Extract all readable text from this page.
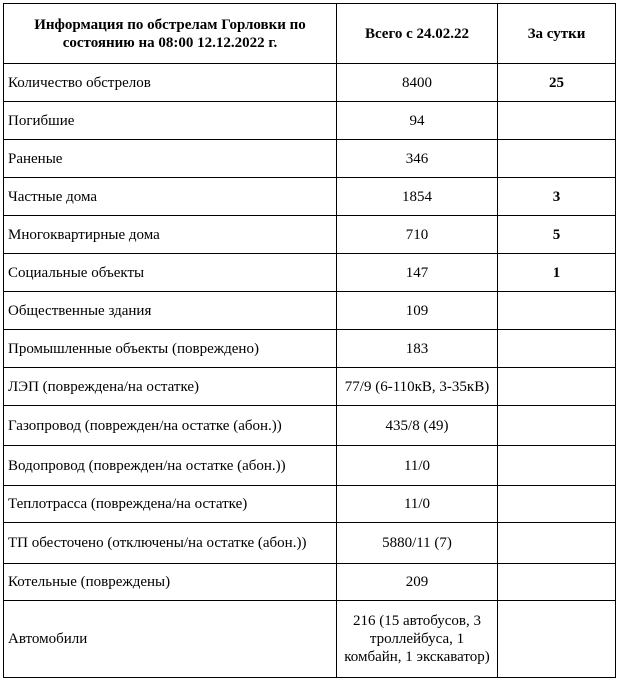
Информация по обстрелам Горловки по состоянию на 08:00 12.12.2022 г.	Всего с 24.02.22	За сутки
Количество обстрелов	8400	25
Погибшие	94	
Раненые	346	
Частные дома	1854	3
Многоквартирные дома	710	5
Социальные объекты	147	1
Общественные здания	109	
Промышленные объекты (повреждено)	183	
ЛЭП (повреждена/на остатке)	77/9 (6-110кВ, 3-35кВ)	
Газопровод (поврежден/на остатке (абон.))	435/8 (49)	
Водопровод (поврежден/на остатке (абон.))	11/0	
Теплотрасса (повреждена/на остатке)	11/0	
ТП обесточено (отключены/на остатке (абон.))	5880/11 (7)	
Котельные (повреждены)	209	
Автомобили	216 (15 автобусов, 3 троллейбуса, 1 комбайн, 1 экскаватор)	
